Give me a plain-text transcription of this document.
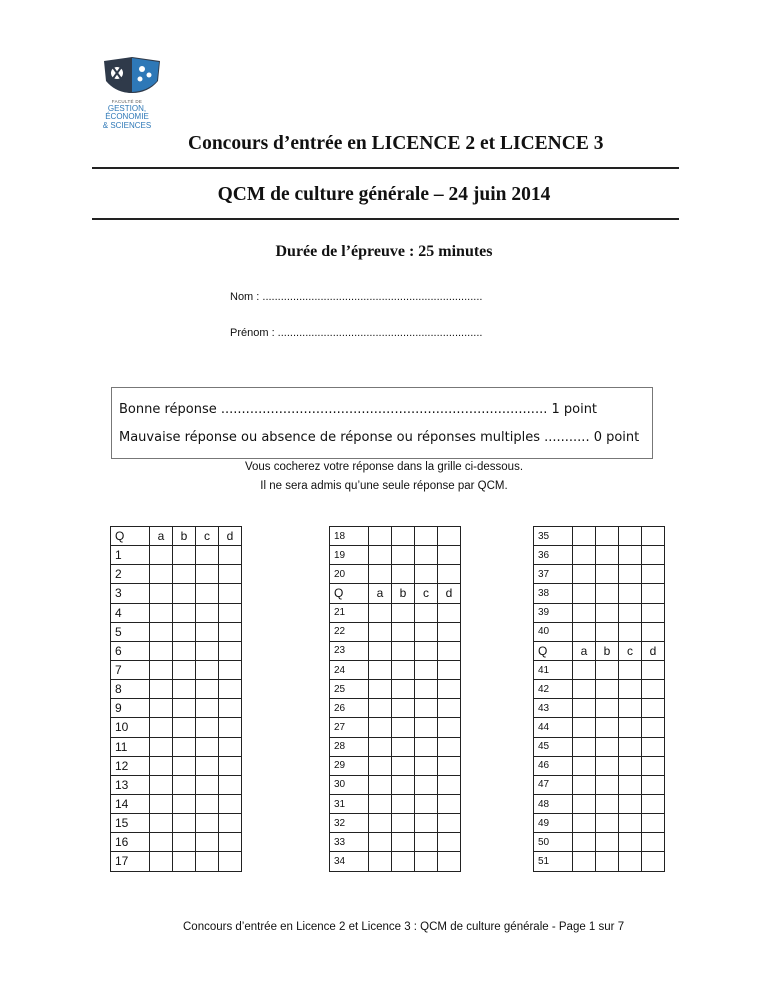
FACULTÉ DE
GESTION,
ÉCONOMIE
& SCIENCES
Concours d’entrée en LICENCE 2 et LICENCE 3
QCM de culture générale – 24 juin 2014
Durée de l’épreuve : 25 minutes
Nom : ........................................................................
Prénom : ...................................................................
Bonne réponse ............................................................................... 1 point
Mauvaise réponse ou absence de réponse ou réponses multiples ........... 0 point
Vous cocherez votre réponse dans la grille ci-dessous.
Il ne sera admis qu’une seule réponse par QCM.
Q	a	b	c	d
1				
2				
3				
4				
5				
6				
7				
8				
9				
10				
11				
12				
13				
14				
15				
16				
17				
18				
19				
20				
Q	a	b	c	d
21				
22				
23				
24				
25				
26				
27				
28				
29				
30				
31				
32				
33				
34				
35				
36				
37				
38				
39				
40				
Q	a	b	c	d
41				
42				
43				
44				
45				
46				
47				
48				
49				
50				
51				
Concours d’entrée en Licence 2 et Licence 3 : QCM de culture générale - Page 1 sur 7
